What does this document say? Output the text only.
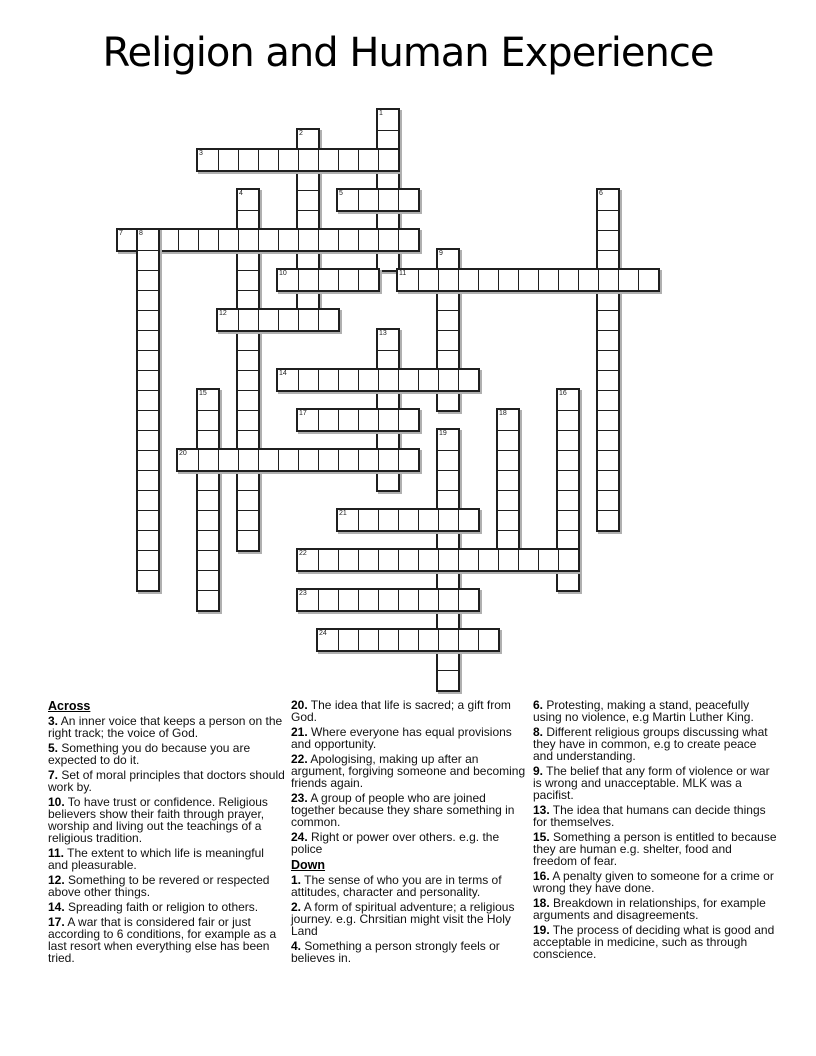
Religion and Human Experience
1
2
3
4	5	6
7 8
9
10	11
12
13
14
15	16
17	18
19
20
21
22
23
24
Across

3. An inner voice that keeps a person on the right track; the voice of God.

5. Something you do because you are expected to do it.

7. Set of moral principles that doctors should work by.

10. To have trust or confidence. Religious believers show their faith through prayer, worship and living out the teachings of a religious tradition.

11. The extent to which life is meaningful and pleasurable.

12. Something to be revered or respected above other things.

14. Spreading faith or religion to others.

17. A war that is considered fair or just according to 6 conditions, for example as a last resort when everything else has been tried.

20. The idea that life is sacred; a gift from God.

21. Where everyone has equal provisions and opportunity.

22. Apologising, making up after an argument, forgiving someone and becoming friends again.

23. A group of people who are joined together because they share something in common.

24. Right or power over others. e.g. the police

Down

1. The sense of who you are in terms of attitudes, character and personality.

2. A form of spiritual adventure; a religious journey. e.g. Chrsitian might visit the Holy Land

4. Something a person strongly feels or believes in.

6. Protesting, making a stand, peacefully using no violence, e.g Martin Luther King.

8. Different religious groups discussing what they have in common, e.g to create peace and understanding.

9. The belief that any form of violence or war is wrong and unacceptable. MLK was a pacifist.

13. The idea that humans can decide things for themselves.

15. Something a person is entitled to because they are human e.g. shelter, food and freedom of fear.

16. A penalty given to someone for a crime or wrong they have done.

18. Breakdown in relationships, for example arguments and disagreements.

19. The process of deciding what is good and acceptable in medicine, such as through conscience.
